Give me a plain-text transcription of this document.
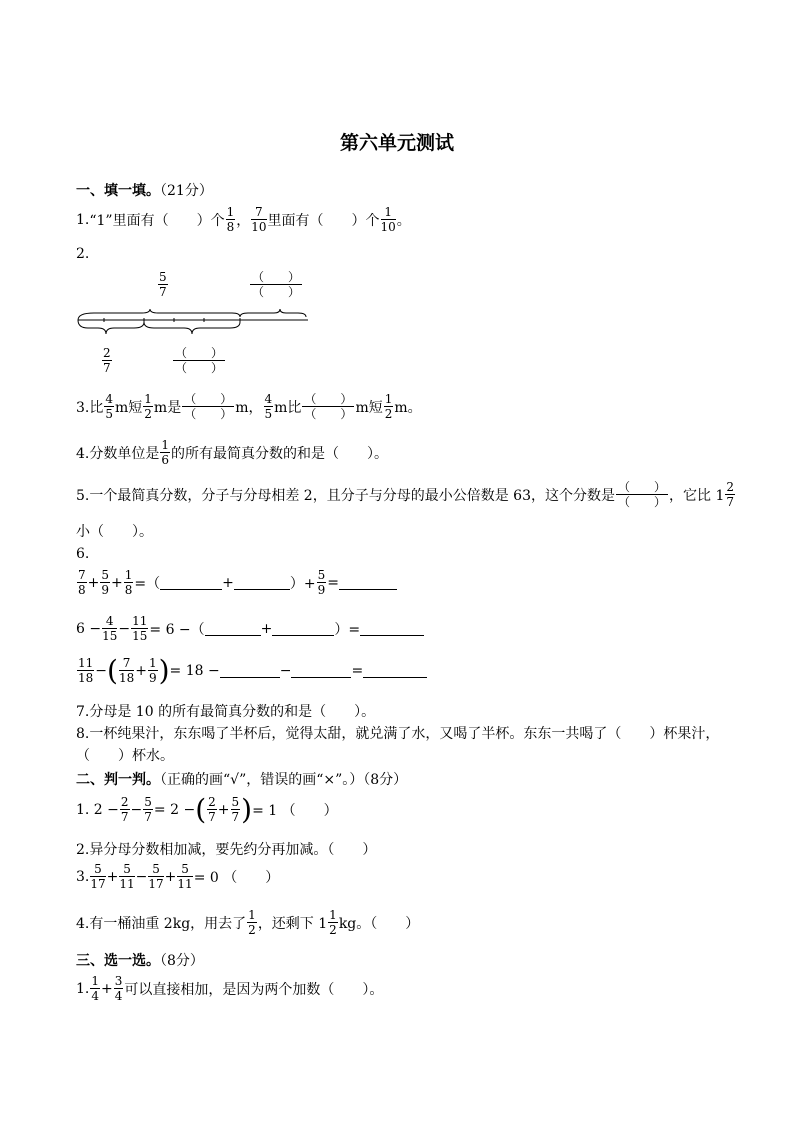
第六单元测试
一、填一填。（21分）
1. “1”里面有（　　）个
1
8 ，
7
10 里面有（　　）个
1
10 。
2.
$\frac{5}{7}$	（　　）
（　　）
$\frac{2}{7}$	（　　）
（　　）
3.比
4
5 m短
1
2 m是
（　　）
（　　） m，
4
5 m比
（　　）
（　　） m短
1
2 m。
4.分数单位是
1
6 的所有最简真分数的和是（　　）。
5.一个最简真分数，分子与分母相差 2，且分子与分母的最小公倍数是 63，这个分数是
（　　）
（　　） ，它比 1
2
7
小（　　）。
6.
7
8 + 5
9 + 1
8 =（	+	）+
5
9 =
6 − 4
15 − 11
15 = 6 −（	+	）=
11
18 − ( 7
18 + 1
9 ) = 18 −	−	=
7.分母是 10 的所有最简真分数的和是（　　）。
8.一杯纯果汁，东东喝了半杯后，觉得太甜，就兑满了水，又喝了半杯。东东一共喝了（　　）杯果汁，
（　　）杯水。
二、判一判。（正确的画“√”，错误的画“×”。）（8分）
1. 2 − 2
7 − 5
7 = 2 − ( 2
7 + 5
7 ) = 1 （　　）
2.异分母分数相加减，要先约分再加减。（　　）
3. 5
17 + 5
11 − 5
17 + 5
11 = 0 （　　）
4.有一桶油重 2kg，用去了
1
2 ，还剩下 1
1
2 kg。（　　）
三、选一选。（8分）
1. 1
4 + 3
4 可以直接相加，是因为两个加数（　　）。
